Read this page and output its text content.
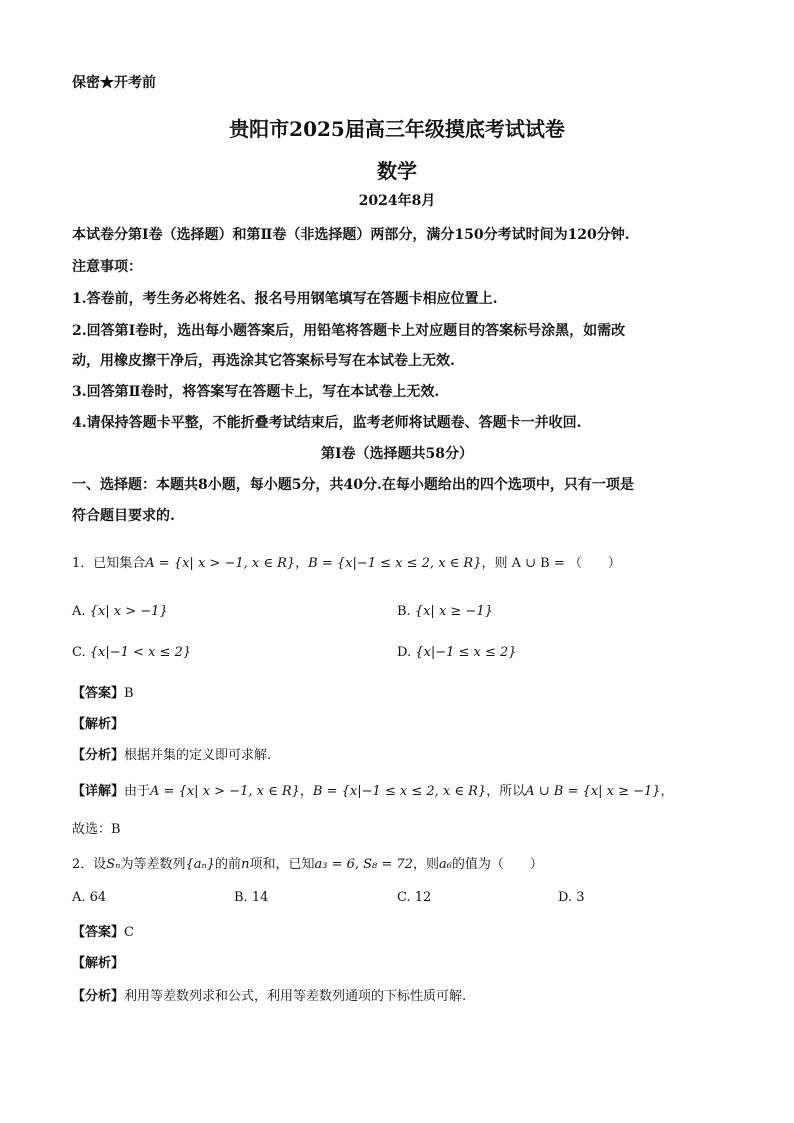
保密★开考前
贵阳市2025届高三年级摸底考试试卷
数学
2024年8月
本试卷分第Ⅰ卷（选择题）和第Ⅱ卷（非选择题）两部分，满分150分考试时间为120分钟.
注意事项：
1.答卷前，考生务必将姓名、报名号用钢笔填写在答题卡相应位置上.
2.回答第Ⅰ卷时，选出每小题答案后，用铅笔将答题卡上对应题目的答案标号涂黑，如需改
动，用橡皮擦干净后，再选涂其它答案标号写在本试卷上无效.
3.回答第Ⅱ卷时，将答案写在答题卡上，写在本试卷上无效.
4.请保持答题卡平整，不能折叠考试结束后，监考老师将试题卷、答题卡一并收回.
第Ⅰ卷（选择题共58分）
一、选择题：本题共8小题，每小题5分，共40分.在每小题给出的四个选项中，只有一项是
符合题目要求的.
1．已知集合A = {x| x > −1, x ∈ R}，B = {x|−1 ≤ x ≤ 2, x ∈ R}，则 A ∪ B = （　　）
A. {x| x > −1}	B. {x| x ≥ −1}
C. {x|−1 < x ≤ 2}	D. {x|−1 ≤ x ≤ 2}
【答案】B
【解析】
【分析】根据并集的定义即可求解.
【详解】由于A = {x| x > −1, x ∈ R}，B = {x|−1 ≤ x ≤ 2, x ∈ R}，所以A ∪ B = {x| x ≥ −1}，
故选：B
2．设Sₙ为等差数列{aₙ}的前n项和，已知a₃ = 6, S₈ = 72，则a₆的值为（　　）
A. 64	B. 14	C. 12	D. 3
【答案】C
【解析】
【分析】利用等差数列求和公式，利用等差数列通项的下标性质可解.
